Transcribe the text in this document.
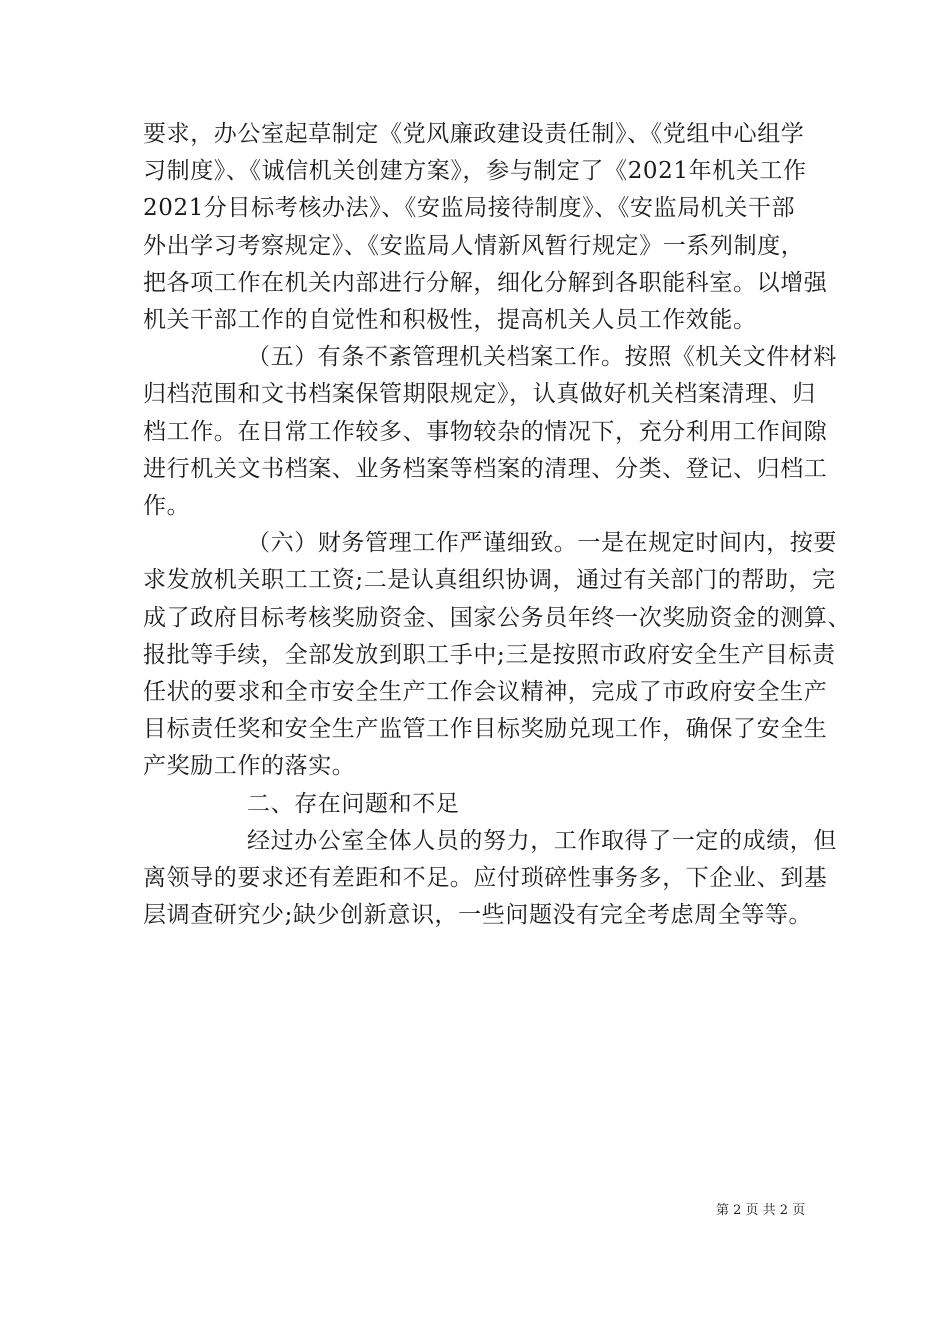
要求，办公室起草制定《党风廉政建设责任制》、《党组中心组学
习制度》、《诚信机关创建方案》，参与制定了《2021年机关工作
2021分目标考核办法》、《安监局接待制度》、《安监局机关干部
外出学习考察规定》、《安监局人情新风暂行规定》一系列制度，
把各项工作在机关内部进行分解，细化分解到各职能科室。以增强
机关干部工作的自觉性和积极性，提高机关人员工作效能。
（五）有条不紊管理机关档案工作。按照《机关文件材料
归档范围和文书档案保管期限规定》，认真做好机关档案清理、归
档工作。在日常工作较多、事物较杂的情况下，充分利用工作间隙
进行机关文书档案、业务档案等档案的清理、分类、登记、归档工
作。
（六）财务管理工作严谨细致。一是在规定时间内，按要
求发放机关职工工资;二是认真组织协调，通过有关部门的帮助，完
成了政府目标考核奖励资金、国家公务员年终一次奖励资金的测算、
报批等手续，全部发放到职工手中;三是按照市政府安全生产目标责
任状的要求和全市安全生产工作会议精神，完成了市政府安全生产
目标责任奖和安全生产监管工作目标奖励兑现工作，确保了安全生
产奖励工作的落实。
二、存在问题和不足
经过办公室全体人员的努力，工作取得了一定的成绩，但
离领导的要求还有差距和不足。应付琐碎性事务多，下企业、到基
层调查研究少;缺少创新意识，一些问题没有完全考虑周全等等。
第 2 页 共 2 页
